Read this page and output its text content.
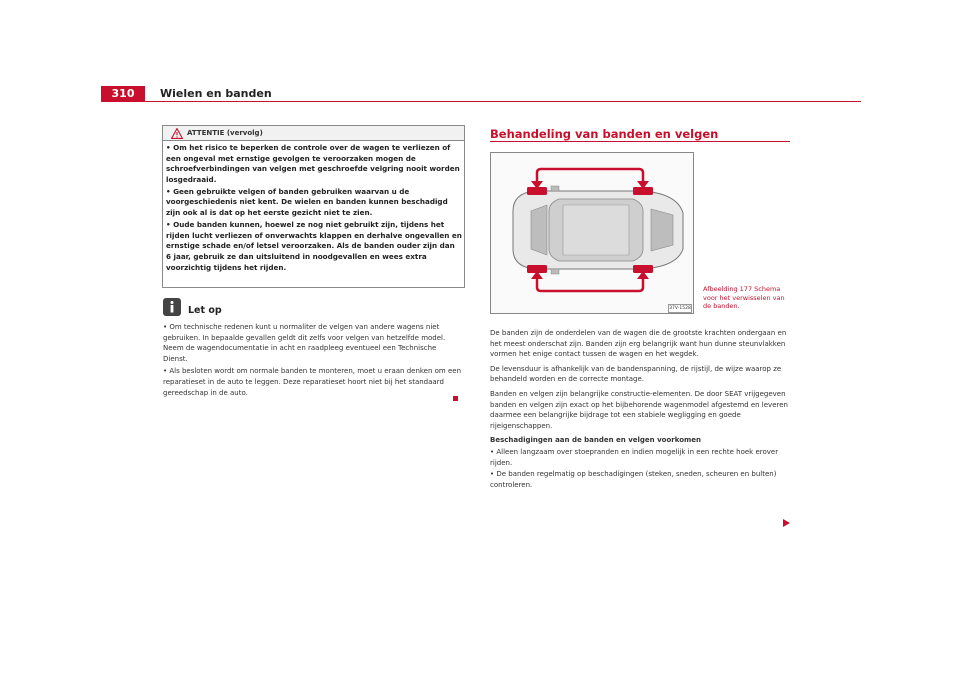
310	Wielen en banden
ATTENTIE (vervolg)

• Om het risico te beperken de controle over de wagen te verliezen of een ongeval met ernstige gevolgen te veroorzaken mogen de schroefverbindingen van velgen met geschroefde velgring nooit worden losgedraaid.

• Geen gebruikte velgen of banden gebruiken waarvan u de voorgeschiedenis niet kent. De wielen en banden kunnen beschadigd zijn ook al is dat op het eerste gezicht niet te zien.

• Oude banden kunnen, hoewel ze nog niet gebruikt zijn, tijdens het rijden lucht verliezen of onverwachts klappen en derhalve ongevallen en ernstige schade en/of letsel veroorzaken. Als de banden ouder zijn dan 6 jaar, gebruik ze dan uitsluitend in noodgevallen en wees extra voorzichtig tijdens het rijden.

Let op

• Om technische redenen kunt u normaliter de velgen van andere wagens niet gebruiken. In bepaalde gevallen geldt dit zelfs voor velgen van hetzelfde model. Neem de wagendocumentatie in acht en raadpleeg eventueel een Technische Dienst.

• Als besloten wordt om normale banden te monteren, moet u eraan denken om een reparatieset in de auto te leggen. Deze reparatieset hoort niet bij het standaard gereedschap in de auto.

Behandeling van banden en velgen
37V-1528
Afbeelding 177 Schema voor het verwisselen van de banden.

De banden zijn de onderdelen van de wagen die de grootste krachten ondergaan en het meest onderschat zijn. Banden zijn erg belangrijk want hun dunne steunvlakken vormen het enige contact tussen de wagen en het wegdek.

De levensduur is afhankelijk van de bandenspanning, de rijstijl, de wijze waarop ze behandeld worden en de correcte montage.

Banden en velgen zijn belangrijke constructie-elementen. De door SEAT vrijgegeven banden en velgen zijn exact op het bijbehorende wagenmodel afgestemd en leveren daarmee een belangrijke bijdrage tot een stabiele wegligging en goede rijeigenschappen.

Beschadigingen aan de banden en velgen voorkomen

• Alleen langzaam over stoepranden en indien mogelijk in een rechte hoek erover rijden.

• De banden regelmatig op beschadigingen (steken, sneden, scheuren en bulten) controleren.
